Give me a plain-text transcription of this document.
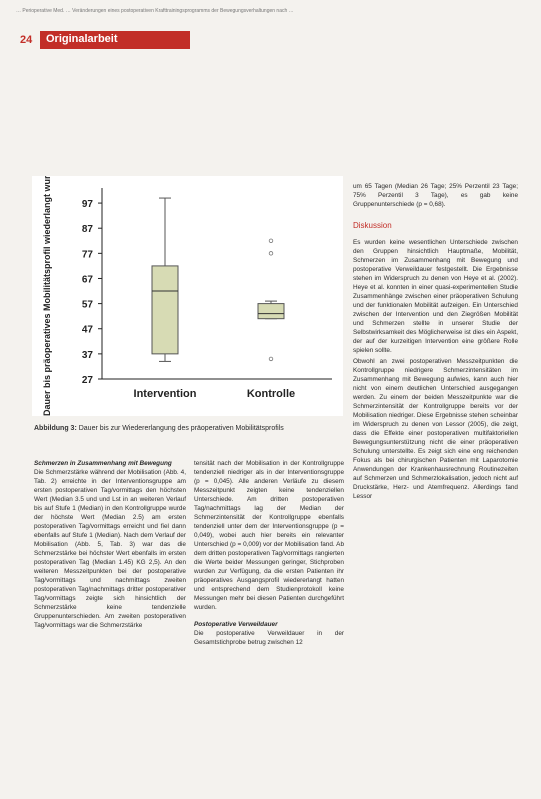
… Perioperative Med. … Veränderungen eines postoperativen Krafttrainingsprogramms der Bewegungsverhaltungen nach …
24	Originalarbeit
27
37
47
57
67
77
87
97
Dauer bis präoperatives Mobilitätsprofil wiederlangt wurde (h)	Intervention	Kontrolle
Abbildung 3: Dauer bis zur Wiedererlangung des präoperativen Mobilitätsprofils

um 65 Tagen (Median 26 Tage; 25% Perzentil 23 Tage; 75% Perzentil 3 Tage), es gab keine Gruppenunterschiede (p = 0,68).

Diskussion

Es wurden keine wesentlichen Unterschiede zwischen den Gruppen hinsichtlich Hauptmaße, Mobilität, Schmerzen im Zusammenhang mit Bewegung und postoperative Verweildauer festgestellt. Die Ergebnisse stehen im Widerspruch zu denen von Heye et al. (2002). Heye et al. konnten in einer quasi-experimentellen Studie Zusammenhänge zwischen einer präoperativen Schulung und der funktionalen Mobilität aufzeigen. Ein Unterschied zwischen der Intervention und den Ziegrößen Mobilität und Schmerzen stellte in unserer Studie der Selbstwirksamkeit des Möglicherweise ist dies ein Aspekt, der auf der kurzeitigen Intervention eine größere Rolle spielen sollte.

Obwohl an zwei postoperativen Messzeitpunkten die Kontrollgruppe niedrigere Schmerzintensitäten im Zusammenhang mit Bewegung aufwies, kann auch hier nicht von einem deutlichen Unterschied ausgegangen werden. Zu einem der beiden Messzeitpunkte war die Schmerzintensität der Kontrollgruppe bereits vor der Mobilisation niedriger. Diese Ergebnisse stehen scheinbar im Widerspruch zu denen von Lessor (2005), die zeigt, dass die Effekte einer postoperativen multifaktoriellen Bewegungsunterstützung nicht die einer präoperativen Schulung unterstellte. Es zeigt sich eine eng reichenden Fokus als bei chirurgischen Patienten mit Laparotomie Anwendungen der Krankenhausrechnung Routinezeiten auf Schmerzen und Schmerzlokalisation, jedoch nicht auf Druckstärke, Herz- und Atemfrequenz. Allerdings fand Lessor

Schmerzen in Zusammenhang mit Bewegung

Die Schmerzstärke während der Mobilisation (Abb. 4, Tab. 2) erreichte in der Interventionsgruppe am ersten postoperativen Tag/vormittags den höchsten Wert (Median 3.5 und und Lst in an weiteren Verlauf bis auf Stufe 1 (Median) in den Kontrollgruppe wurde der höchste Wert (Median 2.5) am ersten postoperativen Tag/vormittags erreicht und fiel dann ebenfalls auf Stufe 1 (Median). Nach dem Verlauf der Mobilisation (Abb. 5, Tab. 3) war das die Schmerzstärke bei höchster Wert ebenfalls im ersten postoperativen Tag (Median 1.45) KG 2,5). An den weiteren Messzeitpunkten bei der postoperative Tag/vormittags und nachmittags zweiten postoperativen Tag/nachmittags dritter postoperativer Tag/vormittags zeigte sich hinsichtlich der Schmerzstärke keine tendenzielle Gruppenunterschieden. Am zweiten postoperativen Tag/vormittags war die Schmerzstärke

tensität nach der Mobilisation in der Kontrollgruppe tendenziell niedriger als in der Interventionsgruppe (p = 0,045). Alle anderen Verläufe zu diesem Messzeitpunkt zeigten keine tendenziellen Unterschiede. Am dritten postoperativen Tag/nachmittags lag der Median der Schmerzintensität der Kontrollgruppe ebenfalls tendenziell unter dem der Interventionsgruppe (p = 0,049), wobei auch hier bereits ein relevanter Unterschied (p = 0,009) vor der Mobilisation fand. Ab dem dritten postoperativen Tag/vormittags rangierten die Werte beider Messungen geringer, Stichproben wurden zur Verfügung, da die ersten Patienten ihr präoperatives Ausgangsprofil wiedererlangt hatten und entsprechend dem Studienprotokoll keine Messungen mehr bei diesen Patienten durchgeführt wurden.

Postoperative Verweildauer

Die postoperative Verweildauer in der Gesamtstichprobe betrug zwischen 12
